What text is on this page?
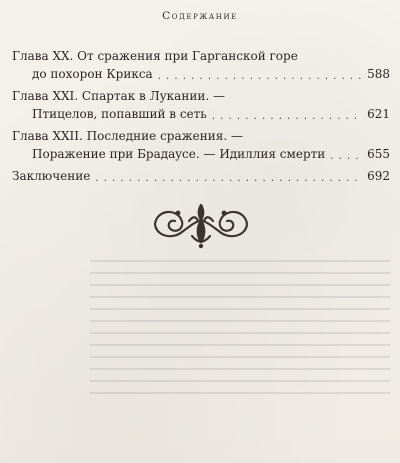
Содержание
Глава XX. От сражения при Гарганской горе
до похорон Крикса . . .	588
Глава XXI. Спартак в Лукании. —
Птицелов, попавший в сеть . . .	621
Глава XXII. Последние сражения. —
Поражение при Брадаyсе. — Идиллия смерти . . .	655
Заключение . . .	692
